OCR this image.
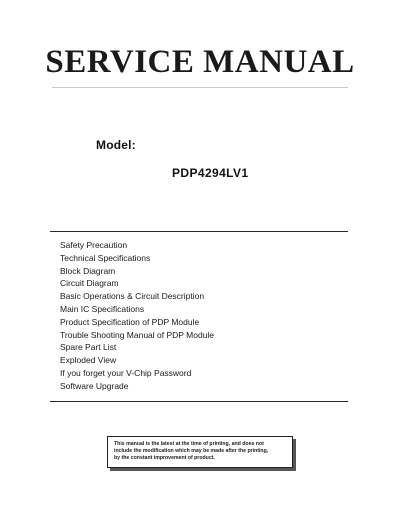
SERVICE MANUAL
Model:
PDP4294LV1
Safety Precaution
Technical Specifications
Block Diagram
Circuit Diagram
Basic Operations & Circuit Description
Main IC Specifications
Product Specification of PDP Module
Trouble Shooting Manual of PDP Module
Spare Part List
Exploded View
If you forget your V-Chip Password
Software Upgrade

This manual is the latest at the time of printing, and does not

include the modification which may be made after the printing,

by the constant improvement of product.
